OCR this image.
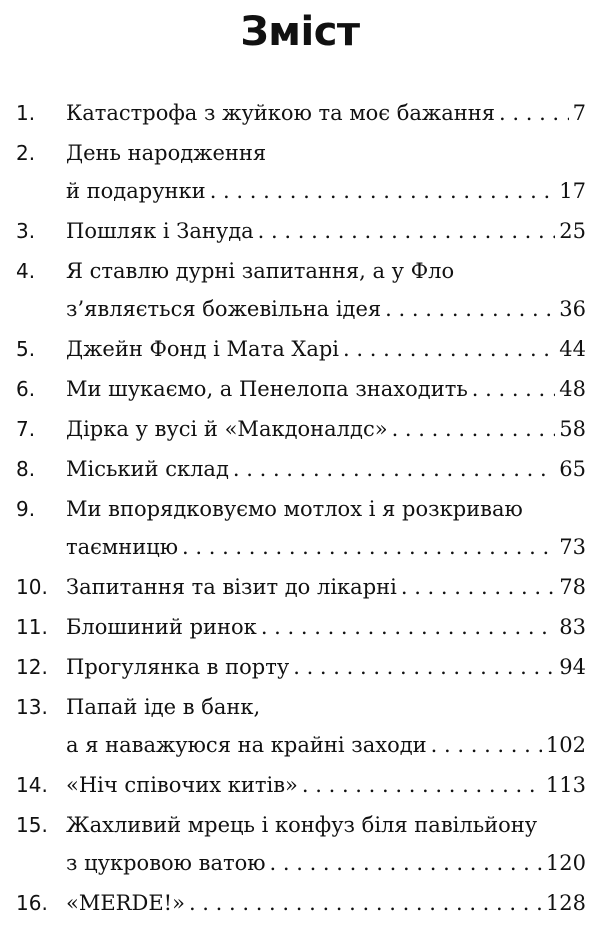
Зміст
1.	Катастрофа з жуйкою та моє бажання . . .	7
2.	День народження
й подарунки . . .	17
3.	Пошляк і Зануда . . .	25
4.	Я ставлю дурні запитання, а у Фло
з’являється божевільна ідея . . .	36
5.	Джейн Фонд і Мата Харі . . .	44
6.	Ми шукаємо, а Пенелопа знаходить . . .	48
7.	Дірка у вусі й «Макдоналдс» . . .	58
8.	Міський склад . . .	65
9.	Ми впорядковуємо мотлох і я розкриваю
таємницю . . .	73
10. Запитання та візит до лікарні . . .	78
11. Блошиний ринок . . .	83
12. Прогулянка в порту . . .	94
13. Папай іде в банк,
а я наважуюся на крайні заходи . . .	102
14. «Ніч співочих китів» . . .	113
15. Жахливий мрець і конфуз біля павільйону
з цукровою ватою . . .	120
16. «MERDE!» . . .	128
